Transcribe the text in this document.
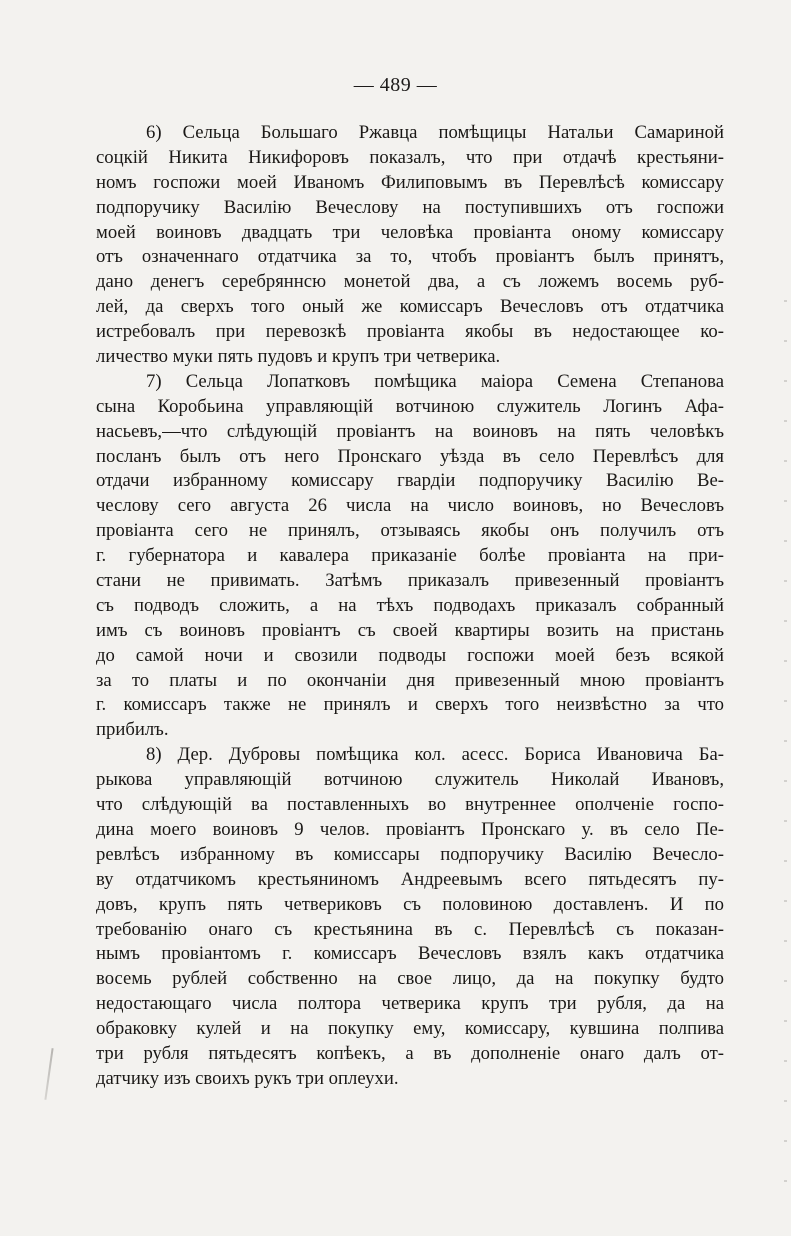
— 489 —
6) Сельца Большаго Ржавца помѣщицы Натальи Самариной
соцкій Никита Никифоровъ показалъ, что при отдачѣ крестьяни-
номъ госпожи моей Иваномъ Филиповымъ въ Перевлѣсѣ комиссару
подпоручику Василію Вечеслову на поступившихъ отъ госпожи
моей воиновъ двадцать три человѣка провіанта оному комиссару
отъ означеннаго отдатчика за то, чтобъ провіантъ былъ принятъ,
дано денегъ серебряннсю монетой два, а съ ложемъ восемь руб-
лей, да сверхъ того оный же комиссаръ Вечесловъ отъ отдатчика
истребовалъ при перевозкѣ провіанта якобы въ недостающее ко-
личество муки пять пудовъ и крупъ три четверика.
7) Сельца Лопатковъ помѣщика маіора Семена Степанова
сына Коробьина управляющій вотчиною служитель Логинъ Афа-
насьевъ,—что слѣдующій провіантъ на воиновъ на пять человѣкъ
посланъ былъ отъ него Пронскаго уѣзда въ село Перевлѣсъ для
отдачи избранному комиссару гвардіи подпоручику Василію Ве-
чеслову сего августа 26 числа на число воиновъ, но Вечесловъ
провіанта сего не принялъ, отзываясь якобы онъ получилъ отъ
г. губернатора и кавалера приказаніе болѣе провіанта на при-
стани не привимать. Затѣмъ приказалъ привезенный провіантъ
съ подводъ сложить, а на тѣхъ подводахъ приказалъ собранный
имъ съ воиновъ провіантъ съ своей квартиры возить на пристань
до самой ночи и свозили подводы госпожи моей безъ всякой
за то платы и по окончаніи дня привезенный мною провіантъ
г. комиссаръ также не принялъ и сверхъ того неизвѣстно за что
прибилъ.
8) Дер. Дубровы помѣщика кол. асесс. Бориса Ивановича Ба-
рыкова управляющій вотчиною служитель Николай Ивановъ,
что слѣдующій ва поставленныхъ во внутреннее ополченіе госпо-
дина моего воиновъ 9 челов. провіантъ Пронскаго у. въ село Пе-
ревлѣсъ избранному въ комиссары подпоручику Василію Вечесло-
ву отдатчикомъ крестьяниномъ Андреевымъ всего пятьдесятъ пу-
довъ, крупъ пять четвериковъ съ половиною доставленъ. И по
требованію онаго съ крестьянина въ с. Перевлѣсѣ съ показан-
нымъ провіантомъ г. комиссаръ Вечесловъ взялъ какъ отдатчика
восемь рублей собственно на свое лицо, да на покупку будто
недостающаго числа полтора четверика крупъ три рубля, да на
обраковку кулей и на покупку ему, комиссару, кувшина полпива
три рубля пятьдесятъ копѣекъ, а въ дополненіе онаго далъ от-
датчику изъ своихъ рукъ три оплеухи.
